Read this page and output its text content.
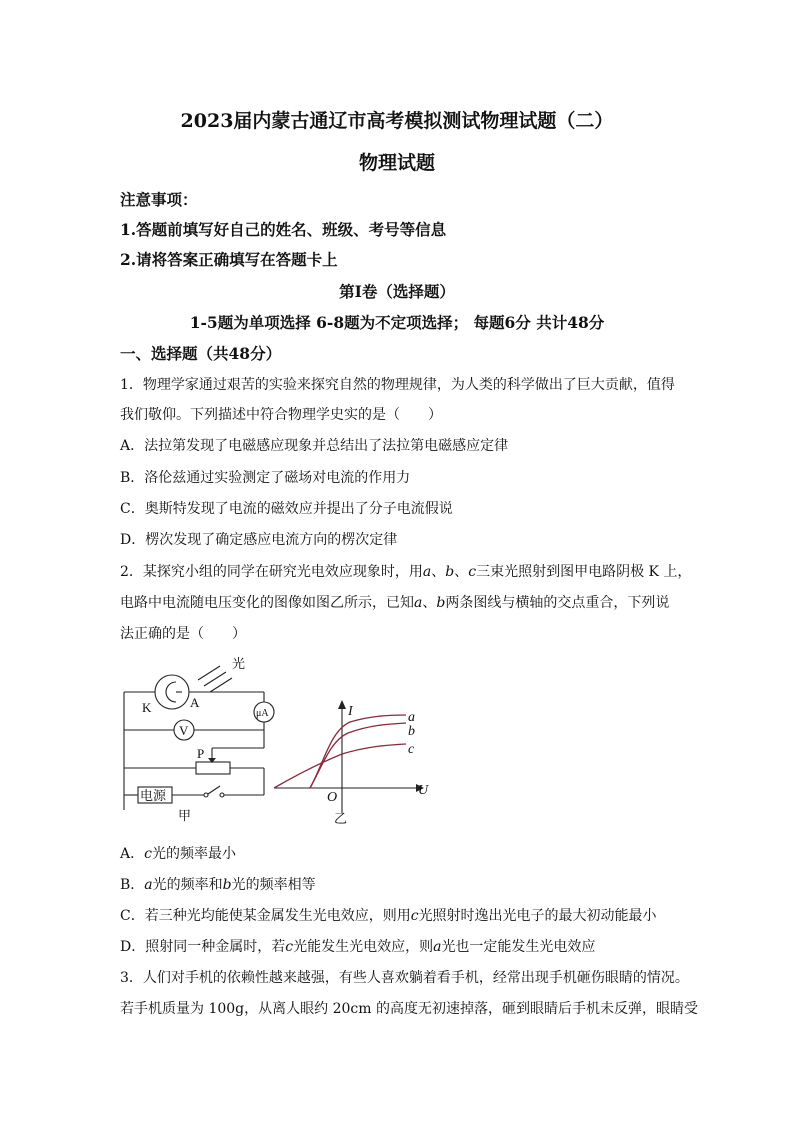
2023届内蒙古通辽市高考模拟测试物理试题（二）
物理试题
注意事项：
1.答题前填写好自己的姓名、班级、考号等信息
2.请将答案正确填写在答题卡上
第I卷（选择题）
1-5题为单项选择 6-8题为不定项选择； 每题6分 共计48分
一、选择题（共48分）
1．物理学家通过艰苦的实验来探究自然的物理规律，为人类的科学做出了巨大贡献，值得
我们敬仰。下列描述中符合物理学史实的是（　　）
A．法拉第发现了电磁感应现象并总结出了法拉第电磁感应定律
B．洛伦兹通过实验测定了磁场对电流的作用力
C．奥斯特发现了电流的磁效应并提出了分子电流假说
D．楞次发现了确定感应电流方向的楞次定律
2．某探究小组的同学在研究光电效应现象时，用a、b、c三束光照射到图甲电路阴极 K 上，
电路中电流随电压变化的图像如图乙所示，已知a、b两条图线与横轴的交点重合，下列说
法正确的是（　　）
光
K	A
μA
V
P
电源
甲
I
U
O
a
b
c
乙
A．c光的频率最小
B．a光的频率和b光的频率相等
C．若三种光均能使某金属发生光电效应，则用c光照射时逸出光电子的最大初动能最小
D．照射同一种金属时，若c光能发生光电效应，则a光也一定能发生光电效应
3．人们对手机的依赖性越来越强，有些人喜欢躺着看手机，经常出现手机砸伤眼睛的情况。
若手机质量为 100g，从离人眼约 20cm 的高度无初速掉落，砸到眼睛后手机未反弹，眼睛受
